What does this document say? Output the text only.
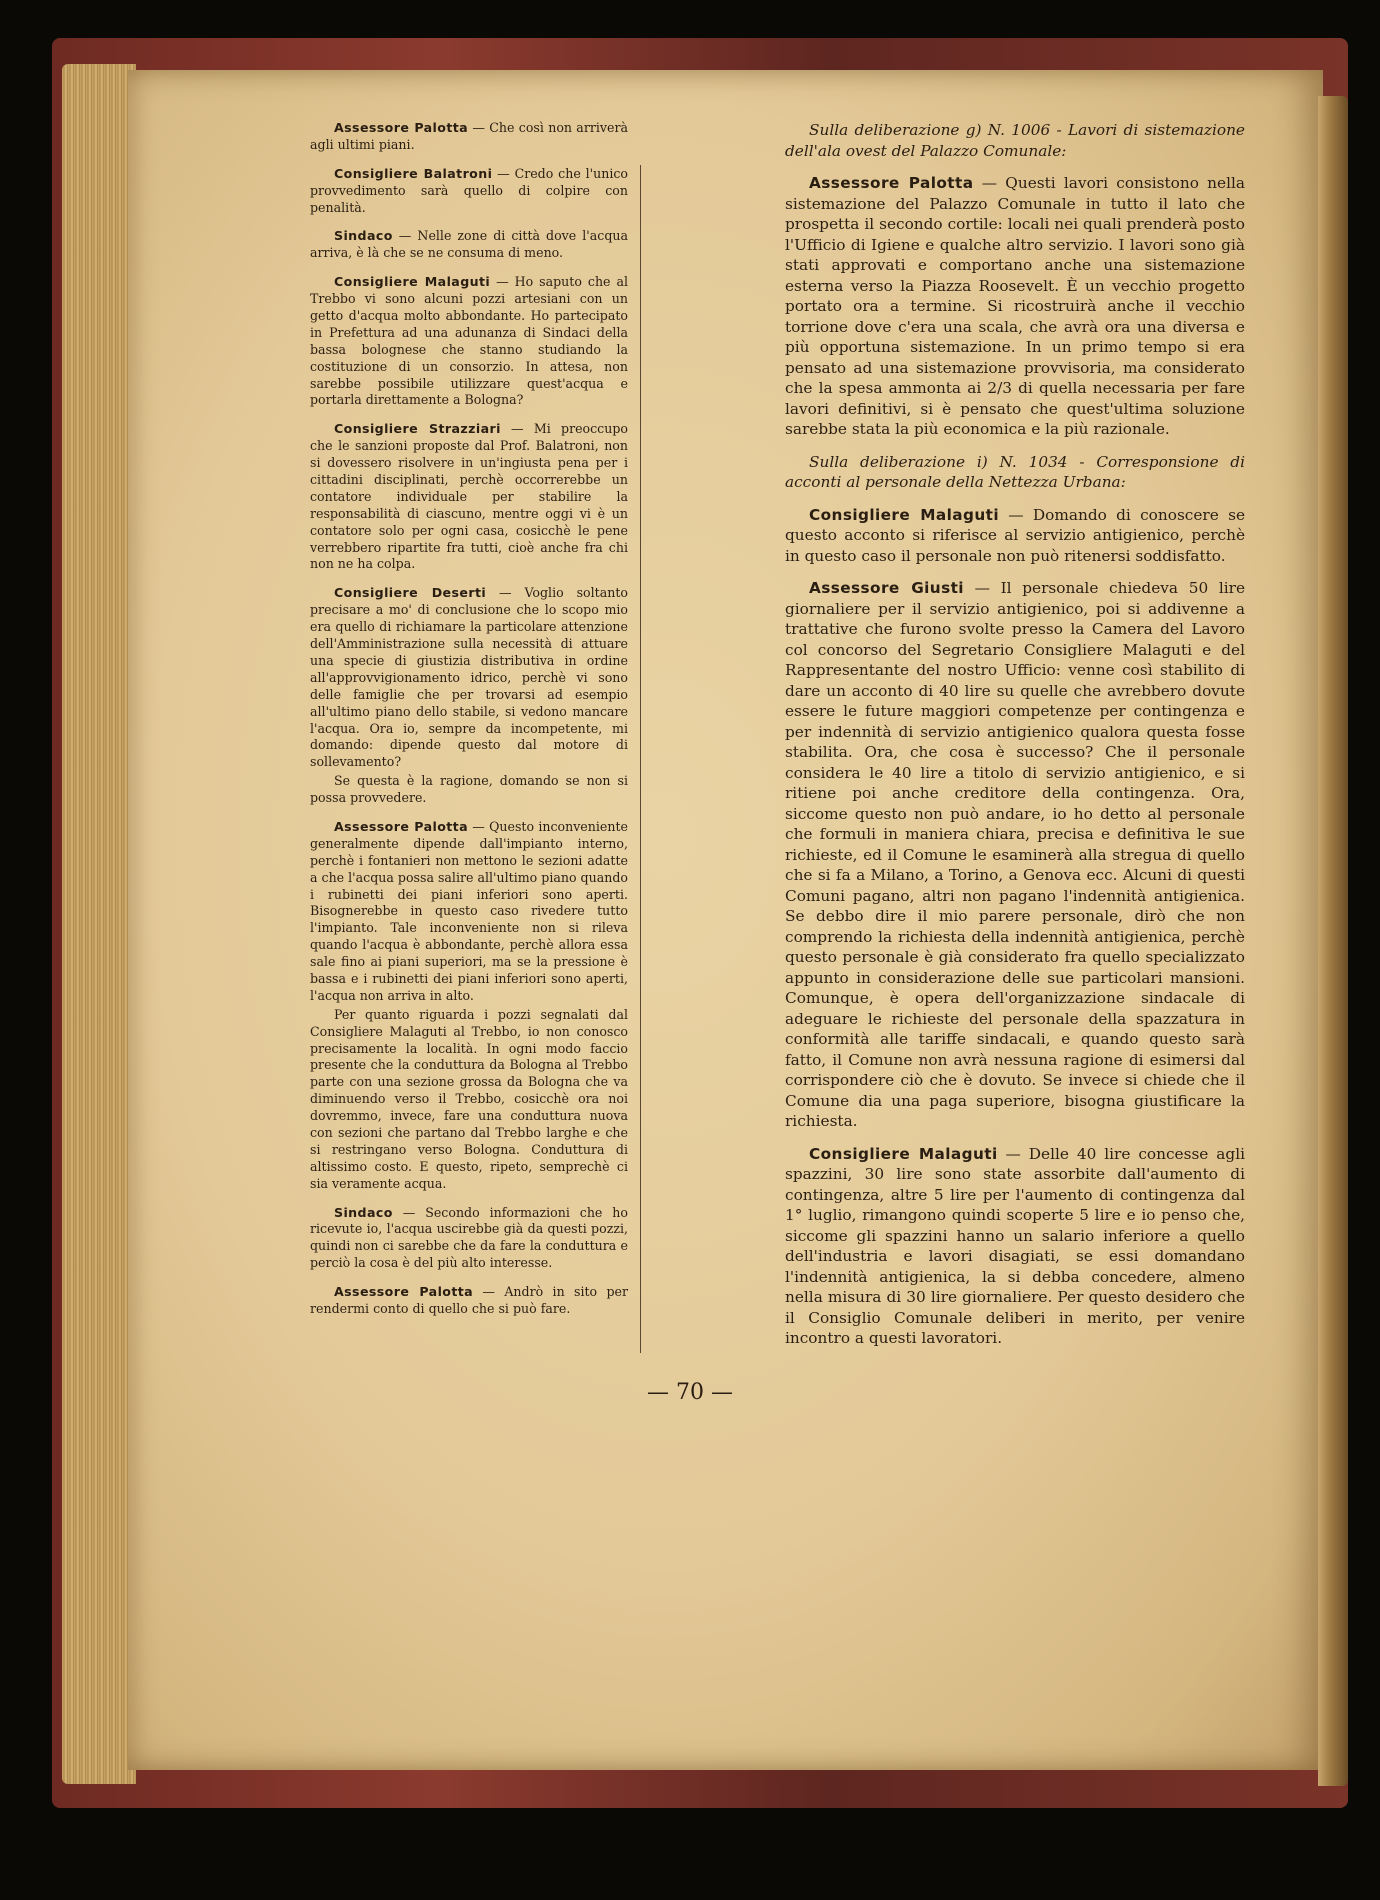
Assessore Palotta — Che così non arriverà agli ultimi piani.

Consigliere Balatroni — Credo che l'unico provvedimento sarà quello di colpire con penalità.

Sindaco — Nelle zone di città dove l'acqua arriva, è là che se ne consuma di meno.

Consigliere Malaguti — Ho saputo che al Trebbo vi sono alcuni pozzi artesiani con un getto d'acqua molto abbondante. Ho partecipato in Prefettura ad una adunanza di Sindaci della bassa bolognese che stanno studiando la costituzione di un consorzio. In attesa, non sarebbe possibile utilizzare quest'acqua e portarla direttamente a Bologna?

Consigliere Strazziari — Mi preoccupo che le sanzioni proposte dal Prof. Balatroni, non si dovessero risolvere in un'ingiusta pena per i cittadini disciplinati, perchè occorrerebbe un contatore individuale per stabilire la responsabilità di ciascuno, mentre oggi vi è un contatore solo per ogni casa, cosicchè le pene verrebbero ripartite fra tutti, cioè anche fra chi non ne ha colpa.

Consigliere Deserti — Voglio soltanto precisare a mo' di conclusione che lo scopo mio era quello di richiamare la particolare attenzione dell'Amministrazione sulla necessità di attuare una specie di giustizia distributiva in ordine all'approvvigionamento idrico, perchè vi sono delle famiglie che per trovarsi ad esempio all'ultimo piano dello stabile, si vedono mancare l'acqua. Ora io, sempre da incompetente, mi domando: dipende questo dal motore di sollevamento?

Se questa è la ragione, domando se non si possa provvedere.

Assessore Palotta — Questo inconveniente generalmente dipende dall'impianto interno, perchè i fontanieri non mettono le sezioni adatte a che l'acqua possa salire all'ultimo piano quando i rubinetti dei piani inferiori sono aperti. Bisognerebbe in questo caso rivedere tutto l'impianto. Tale inconveniente non si rileva quando l'acqua è abbondante, perchè allora essa sale fino ai piani superiori, ma se la pressione è bassa e i rubinetti dei piani inferiori sono aperti, l'acqua non arriva in alto.

Per quanto riguarda i pozzi segnalati dal Consigliere Malaguti al Trebbo, io non conosco precisamente la località. In ogni modo faccio presente che la conduttura da Bologna al Trebbo parte con una sezione grossa da Bologna che va diminuendo verso il Trebbo, cosicchè ora noi dovremmo, invece, fare una conduttura nuova con sezioni che partano dal Trebbo larghe e che si restringano verso Bologna. Conduttura di altissimo costo. E questo, ripeto, semprechè ci sia veramente acqua.

Sindaco — Secondo informazioni che ho ricevute io, l'acqua uscirebbe già da questi pozzi, quindi non ci sarebbe che da fare la conduttura e perciò la cosa è del più alto interesse.

Assessore Palotta — Andrò in sito per rendermi conto di quello che si può fare.

Sulla deliberazione g) N. 1006 - Lavori di sistemazione dell'ala ovest del Palazzo Comunale:

Assessore Palotta — Questi lavori consistono nella sistemazione del Palazzo Comunale in tutto il lato che prospetta il secondo cortile: locali nei quali prenderà posto l'Ufficio di Igiene e qualche altro servizio. I lavori sono già stati approvati e comportano anche una sistemazione esterna verso la Piazza Roosevelt. È un vecchio progetto portato ora a termine. Si ricostruirà anche il vecchio torrione dove c'era una scala, che avrà ora una diversa e più opportuna sistemazione. In un primo tempo si era pensato ad una sistemazione provvisoria, ma considerato che la spesa ammonta ai 2/3 di quella necessaria per fare lavori definitivi, si è pensato che quest'ultima soluzione sarebbe stata la più economica e la più razionale.

Sulla deliberazione i) N. 1034 - Corresponsione di acconti al personale della Nettezza Urbana:

Consigliere Malaguti — Domando di conoscere se questo acconto si riferisce al servizio antigienico, perchè in questo caso il personale non può ritenersi soddisfatto.

Assessore Giusti — Il personale chiedeva 50 lire giornaliere per il servizio antigienico, poi si addivenne a trattative che furono svolte presso la Camera del Lavoro col concorso del Segretario Consigliere Malaguti e del Rappresentante del nostro Ufficio: venne così stabilito di dare un acconto di 40 lire su quelle che avrebbero dovute essere le future maggiori competenze per contingenza e per indennità di servizio antigienico qualora questa fosse stabilita. Ora, che cosa è successo? Che il personale considera le 40 lire a titolo di servizio antigienico, e si ritiene poi anche creditore della contingenza. Ora, siccome questo non può andare, io ho detto al personale che formuli in maniera chiara, precisa e definitiva le sue richieste, ed il Comune le esaminerà alla stregua di quello che si fa a Milano, a Torino, a Genova ecc. Alcuni di questi Comuni pagano, altri non pagano l'indennità antigienica. Se debbo dire il mio parere personale, dirò che non comprendo la richiesta della indennità antigienica, perchè questo personale è già considerato fra quello specializzato appunto in considerazione delle sue particolari mansioni. Comunque, è opera dell'organizzazione sindacale di adeguare le richieste del personale della spazzatura in conformità alle tariffe sindacali, e quando questo sarà fatto, il Comune non avrà nessuna ragione di esimersi dal corrispondere ciò che è dovuto. Se invece si chiede che il Comune dia una paga superiore, bisogna giustificare la richiesta.

Consigliere Malaguti — Delle 40 lire concesse agli spazzini, 30 lire sono state assorbite dall'aumento di contingenza, altre 5 lire per l'aumento di contingenza dal 1° luglio, rimangono quindi scoperte 5 lire e io penso che, siccome gli spazzini hanno un salario inferiore a quello dell'industria e lavori disagiati, se essi domandano l'indennità antigienica, la si debba concedere, almeno nella misura di 30 lire giornaliere. Per questo desidero che il Consiglio Comunale deliberi in merito, per venire incontro a questi lavoratori.

— 70 —
